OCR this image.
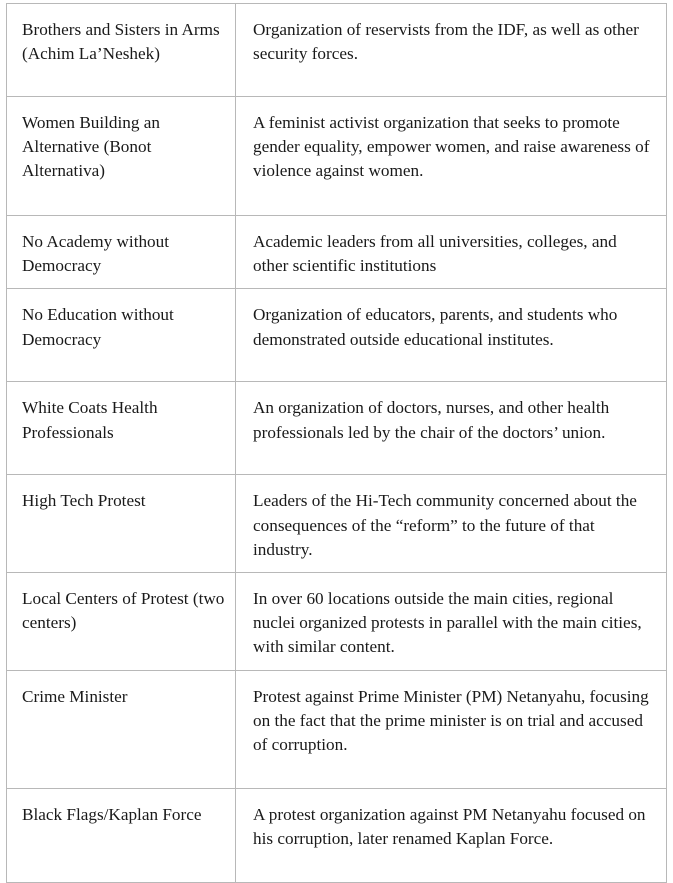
Brothers and Sisters in Arms (Achim La’Neshek)	Organization of reservists from the IDF, as well as other security forces.
Women Building an Alternative (Bonot Alternativa)	A feminist activist organization that seeks to promote gender equality, empower women, and raise awareness of violence against women.
No Academy without Democracy	Academic leaders from all universities, colleges, and other scientific institutions
No Education without Democracy	Organization of educators, parents, and students who demonstrated outside educational institutes.
White Coats Health Professionals	An organization of doctors, nurses, and other health professionals led by the chair of the doctors’ union.
High Tech Protest	Leaders of the Hi-Tech community concerned about the consequences of the “reform” to the future of that industry.
Local Centers of Protest (two centers)	In over 60 locations outside the main cities, regional nuclei organized protests in parallel with the main cities, with similar content.
Crime Minister	Protest against Prime Minister (PM) Netanyahu, focusing on the fact that the prime minister is on trial and accused of corruption.
Black Flags/Kaplan Force	A protest organization against PM Netanyahu focused on his corruption, later renamed Kaplan Force.
